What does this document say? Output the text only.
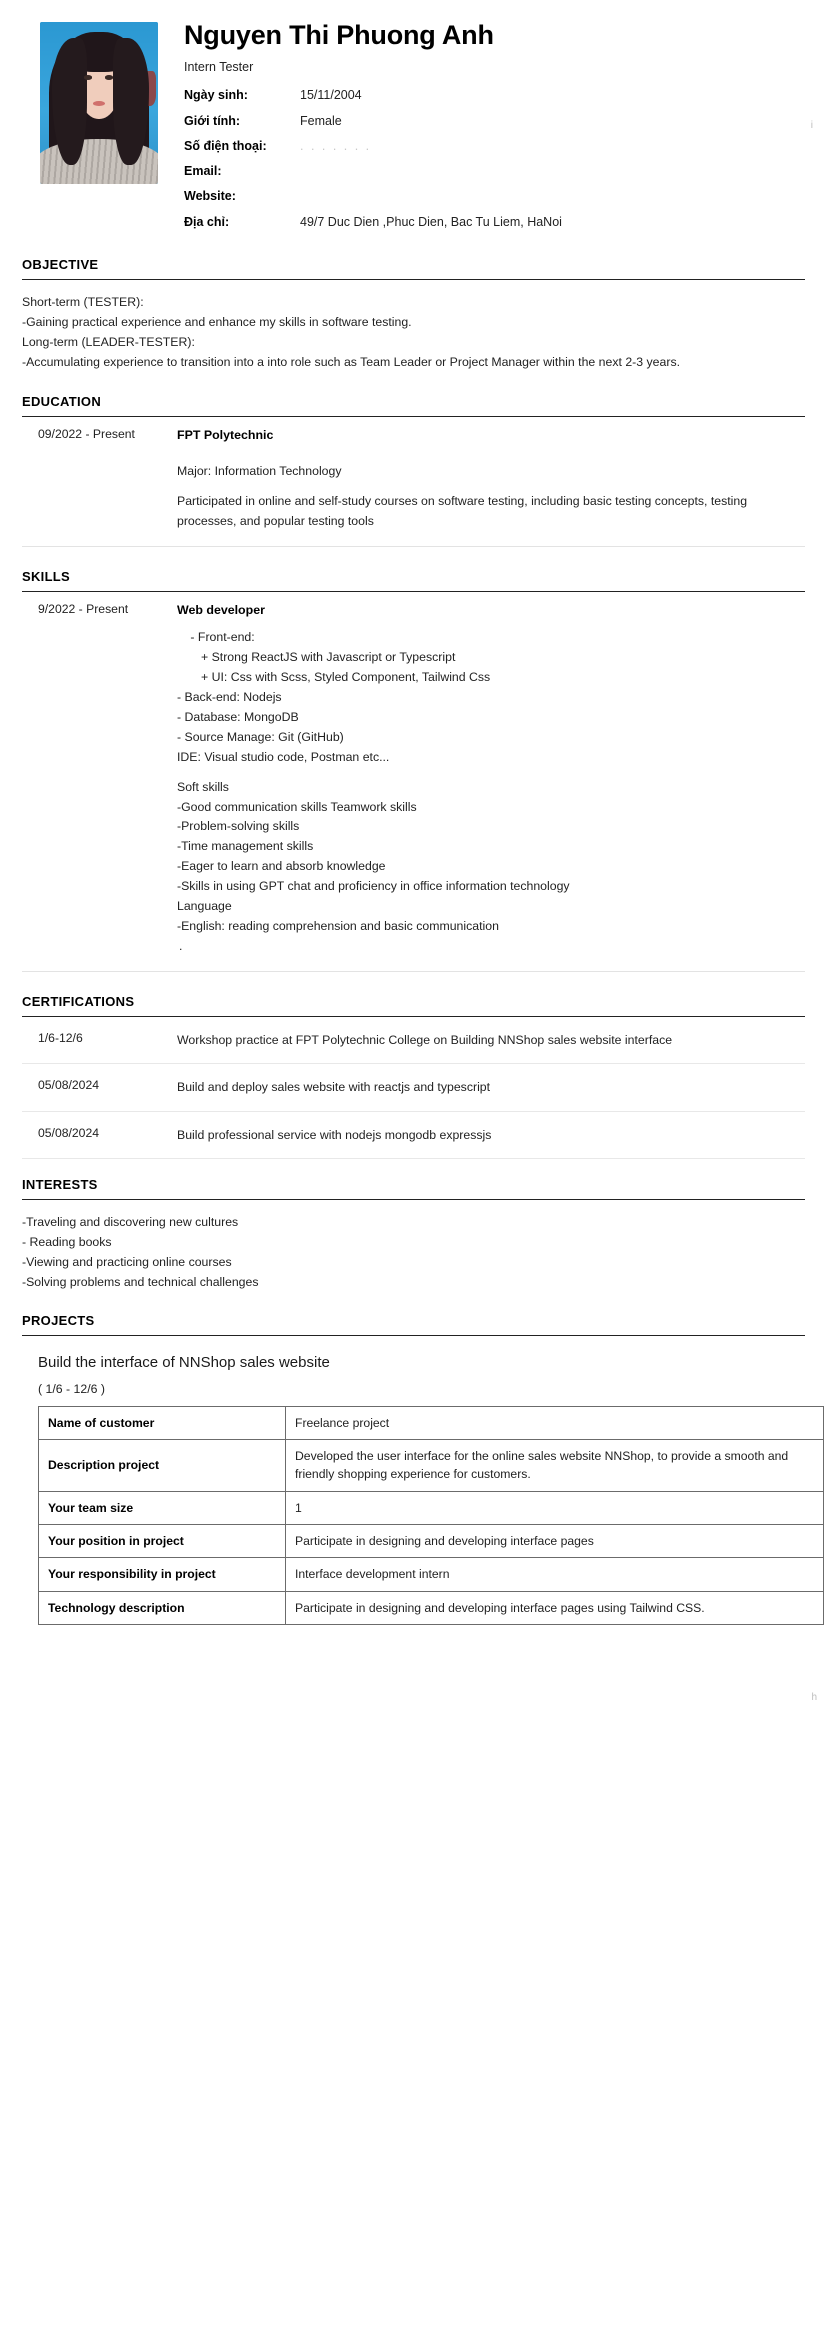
Nguyen Thi Phuong Anh
Intern Tester
Ngày sinh:	15/11/2004
Giới tính:	Female
Số điện thoại:	. . . . . . .
Email:	
Website:	
Địa chỉ:	49/7 Duc Dien ,Phuc Dien, Bac Tu Liem, HaNoi
OBJECTIVE
Short-term (TESTER):
-Gaining practical experience and enhance my skills in software testing.
Long-term (LEADER-TESTER):
-Accumulating experience to transition into a into role such as Team Leader or Project Manager within the next 2-3 years.
EDUCATION
09/2022 - Present	FPT Polytechnic
Major: Information Technology
Participated in online and self-study courses on software testing, including basic testing concepts, testing processes, and popular testing tools
SKILLS
9/2022 - Present	Web developer
- Front-end:
+ Strong ReactJS with Javascript or Typescript
+ UI: Css with Scss, Styled Component, Tailwind Css
- Back-end: Nodejs
- Database: MongoDB
- Source Manage: Git (GitHub)
IDE: Visual studio code, Postman etc...
Soft skills
-Good communication skills Teamwork skills
-Problem-solving skills
-Time management skills
-Eager to learn and absorb knowledge
-Skills in using GPT chat and proficiency in office information technology
Language
-English: reading comprehension and basic communication
.
CERTIFICATIONS
1/6-12/6	Workshop practice at FPT Polytechnic College on Building NNShop sales website interface
05/08/2024	Build and deploy sales website with reactjs and typescript
05/08/2024	Build professional service with nodejs mongodb expressjs
INTERESTS
-Traveling and discovering new cultures
- Reading books
-Viewing and practicing online courses
-Solving problems and technical challenges
PROJECTS
Build the interface of NNShop sales website
( 1/6 - 12/6 )
Name of customer	Freelance project
Description project	Developed the user interface for the online sales website NNShop, to provide a smooth and friendly shopping experience for customers.
Your team size	1
Your position in project	Participate in designing and developing interface pages
Your responsibility in project	Interface development intern
Technology description	Participate in designing and developing interface pages using Tailwind CSS.
i
h
